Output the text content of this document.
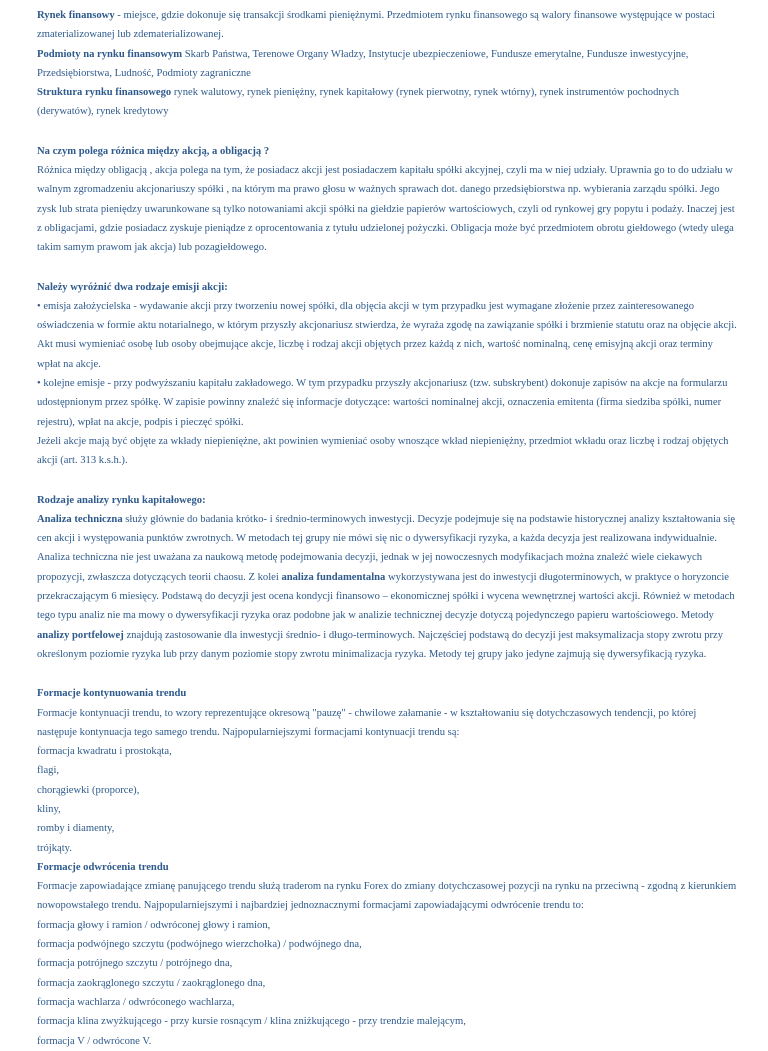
Rynek finansowy - miejsce, gdzie dokonuje się transakcji środkami pieniężnymi. Przedmiotem rynku finansowego są walory finansowe występujące w postaci zmaterializowanej lub zdematerializowanej.

Podmioty na rynku finansowym Skarb Państwa, Terenowe Organy Władzy, Instytucje ubezpieczeniowe, Fundusze emerytalne, Fundusze inwestycyjne, Przedsiębiorstwa, Ludność, Podmioty zagraniczne

Struktura rynku finansowego rynek walutowy, rynek pieniężny, rynek kapitałowy (rynek pierwotny, rynek wtórny), rynek instrumentów pochodnych (derywatów), rynek kredytowy

Na czym polega różnica między akcją, a obligacją ?

Różnica między obligacją , akcja polega na tym, że posiadacz akcji jest posiadaczem kapitału spółki akcyjnej, czyli ma w niej udziały. Uprawnia go to do udziału w walnym zgromadzeniu akcjonariuszy spółki , na którym ma prawo głosu w ważnych sprawach dot. danego przedsiębiorstwa np. wybierania zarządu spółki. Jego zysk lub strata pieniędzy uwarunkowane są tylko notowaniami akcji spółki na giełdzie papierów wartościowych, czyli od rynkowej gry popytu i podaży. Inaczej jest z obligacjami, gdzie posiadacz zyskuje pieniądze z oprocentowania z tytułu udzielonej pożyczki. Obligacja może być przedmiotem obrotu giełdowego (wtedy ulega takim samym prawom jak akcja) lub pozagiełdowego.

Należy wyróżnić dwa rodzaje emisji akcji:

• emisja założycielska - wydawanie akcji przy tworzeniu nowej spółki, dla objęcia akcji w tym przypadku jest wymagane złożenie przez zainteresowanego oświadczenia w formie aktu notarialnego, w którym przyszły akcjonariusz stwierdza, że wyraża zgodę na zawiązanie spółki i brzmienie statutu oraz na objęcie akcji. Akt musi wymieniać osobę lub osoby obejmujące akcje, liczbę i rodzaj akcji objętych przez każdą z nich, wartość nominalną, cenę emisyjną akcji oraz terminy wpłat na akcje.

• kolejne emisje - przy podwyższaniu kapitału zakładowego. W tym przypadku przyszły akcjonariusz (tzw. subskrybent) dokonuje zapisów na akcje na formularzu udostępnionym przez spółkę. W zapisie powinny znaleźć się informacje dotyczące: wartości nominalnej akcji, oznaczenia emitenta (firma siedziba spółki, numer rejestru), wpłat na akcje, podpis i pieczęć spółki.

Jeżeli akcje mają być objęte za wkłady niepieniężne, akt powinien wymieniać osoby wnoszące wkład niepieniężny, przedmiot wkładu oraz liczbę i rodzaj objętych akcji (art. 313 k.s.h.).

Rodzaje analizy rynku kapitałowego:

Analiza techniczna służy głównie do badania krótko- i średnio-terminowych inwestycji. Decyzje podejmuje się na podstawie historycznej analizy kształtowania się cen akcji i występowania punktów zwrotnych. W metodach tej grupy nie mówi się nic o dywersyfikacji ryzyka, a każda decyzja jest realizowana indywidualnie. Analiza techniczna nie jest uważana za naukową metodę podejmowania decyzji, jednak w jej nowoczesnych modyfikacjach można znaleźć wiele ciekawych propozycji, zwłaszcza dotyczących teorii chaosu. Z kolei analiza fundamentalna wykorzystywana jest do inwestycji długoterminowych, w praktyce o horyzoncie przekraczającym 6 miesięcy. Podstawą do decyzji jest ocena kondycji finansowo – ekonomicznej spółki i wycena wewnętrznej wartości akcji. Również w metodach tego typu analiz nie ma mowy o dywersyfikacji ryzyka oraz podobne jak w analizie technicznej decyzje dotyczą pojedynczego papieru wartościowego. Metody analizy portfelowej znajdują zastosowanie dla inwestycji średnio- i długo-terminowych. Najczęściej podstawą do decyzji jest maksymalizacja stopy zwrotu przy określonym poziomie ryzyka lub przy danym poziomie stopy zwrotu minimalizacja ryzyka. Metody tej grupy jako jedyne zajmują się dywersyfikacją ryzyka.

Formacje kontynuowania trendu

Formacje kontynuacji trendu, to wzory reprezentujące okresową "pauzę" - chwilowe załamanie - w kształtowaniu się dotychczasowych tendencji, po której następuje kontynuacja tego samego trendu. Najpopularniejszymi formacjami kontynuacji trendu są:

formacja kwadratu i prostokąta,

flagi,

chorągiewki (proporce),

kliny,

romby i diamenty,

trójkąty.

Formacje odwrócenia trendu

Formacje zapowiadające zmianę panującego trendu służą traderom na rynku Forex do zmiany dotychczasowej pozycji na rynku na przeciwną - zgodną z kierunkiem nowopowstałego trendu. Najpopularniejszymi i najbardziej jednoznacznymi formacjami zapowiadającymi odwrócenie trendu to:

formacja głowy i ramion / odwróconej głowy i ramion,

formacja podwójnego szczytu (podwójnego wierzchołka) / podwójnego dna,

formacja potrójnego szczytu / potrójnego dna,

formacja zaokrąglonego szczytu / zaokrąglonego dna,

formacja wachlarza / odwróconego wachlarza,

formacja klina zwyżkującego - przy kursie rosnącym / klina zniżkującego - przy trendzie malejącym,

formacja V / odwrócone V.
